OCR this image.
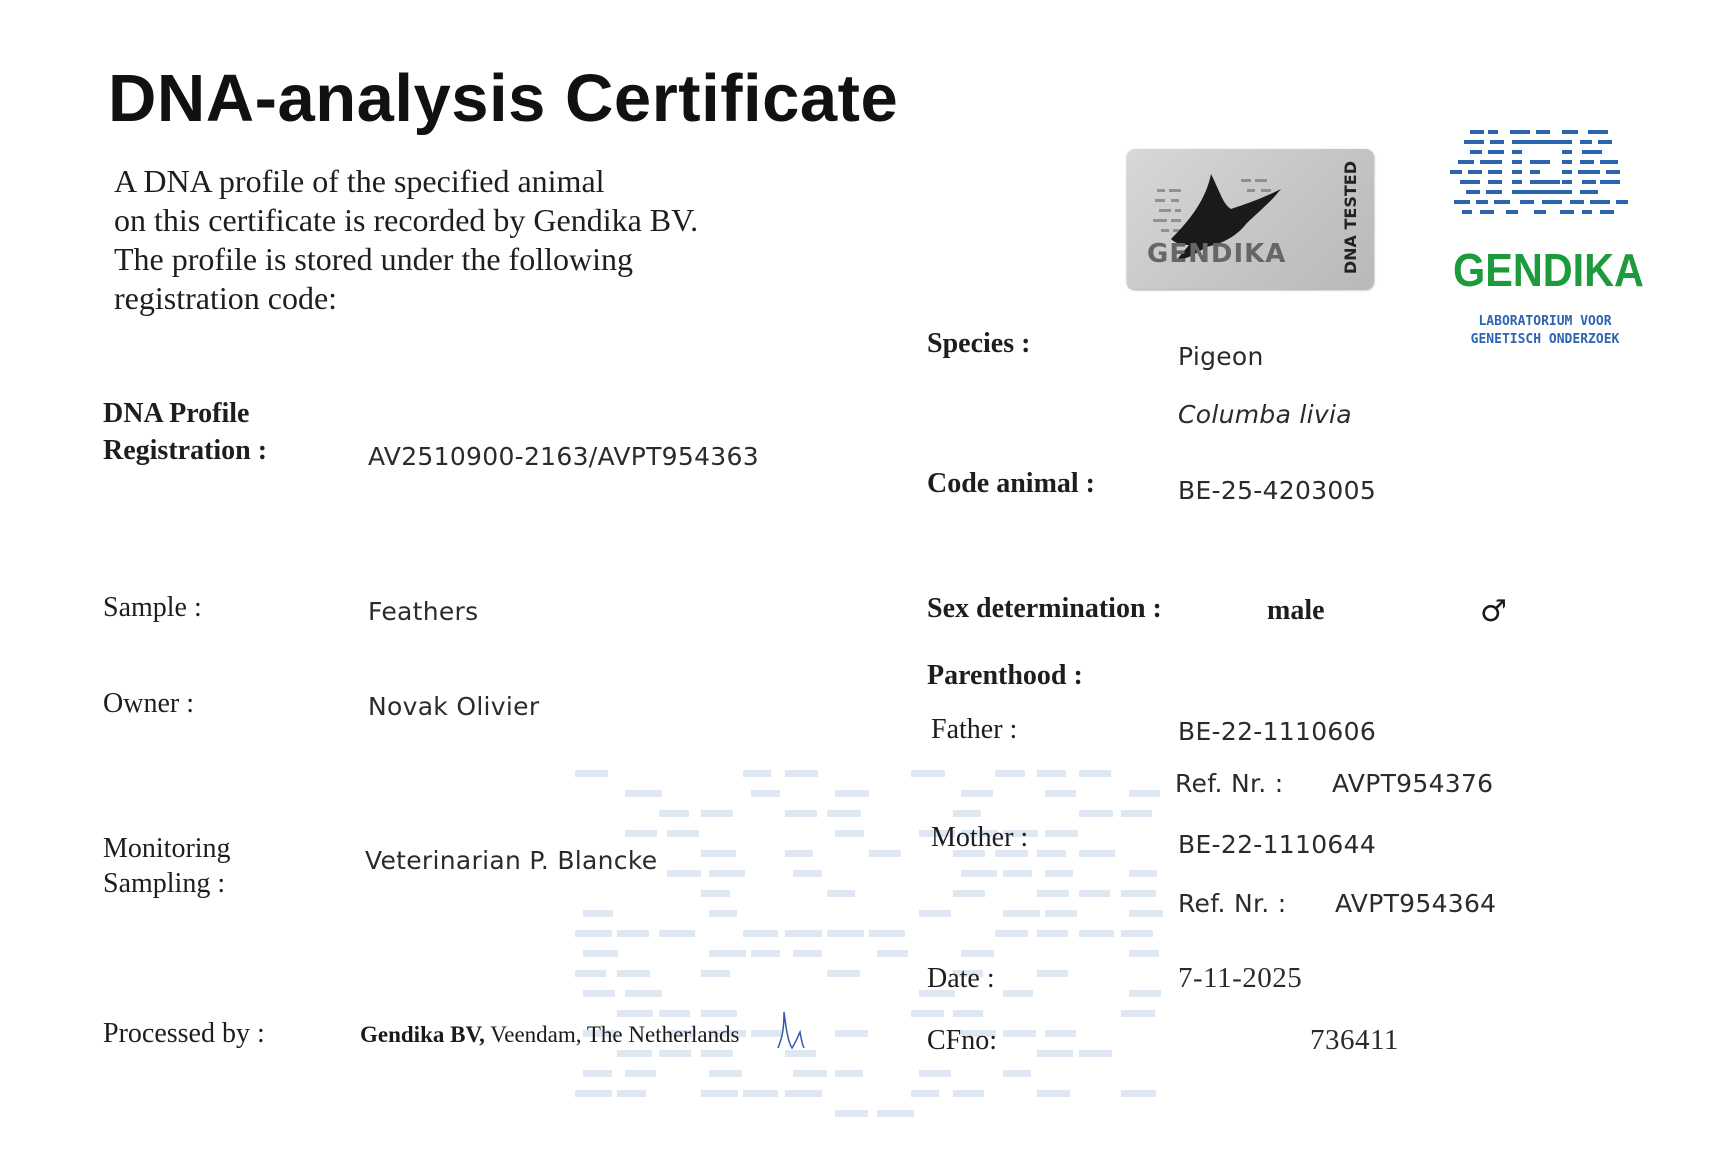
DNA-analysis Certificate
A DNA profile of the specified animal
on this certificate is recorded by Gendika BV.
The profile is stored under the following
registration code:
GENDIKA	DNA TESTED GENDIKA
LABORATORIUM VOOR
GENETISCH ONDERZOEK
DNA Profile
Registration :	AV2510900-2163/AVPT954363
Sample :	Feathers
Owner :	Novak Olivier
Monitoring
Sampling :
Veterinarian P. Blancke
Processed by :	Gendika BV, Veendam, The Netherlands
Species :	Pigeon
Columba livia
Code animal :	BE-25-4203005
Sex determination :	male	♂
Parenthood :
Father :	BE-22-1110606
Ref. Nr. : AVPT954376
Mother :	BE-22-1110644
Ref. Nr. : AVPT954364
Date :	7-11-2025
CFno:	736411
